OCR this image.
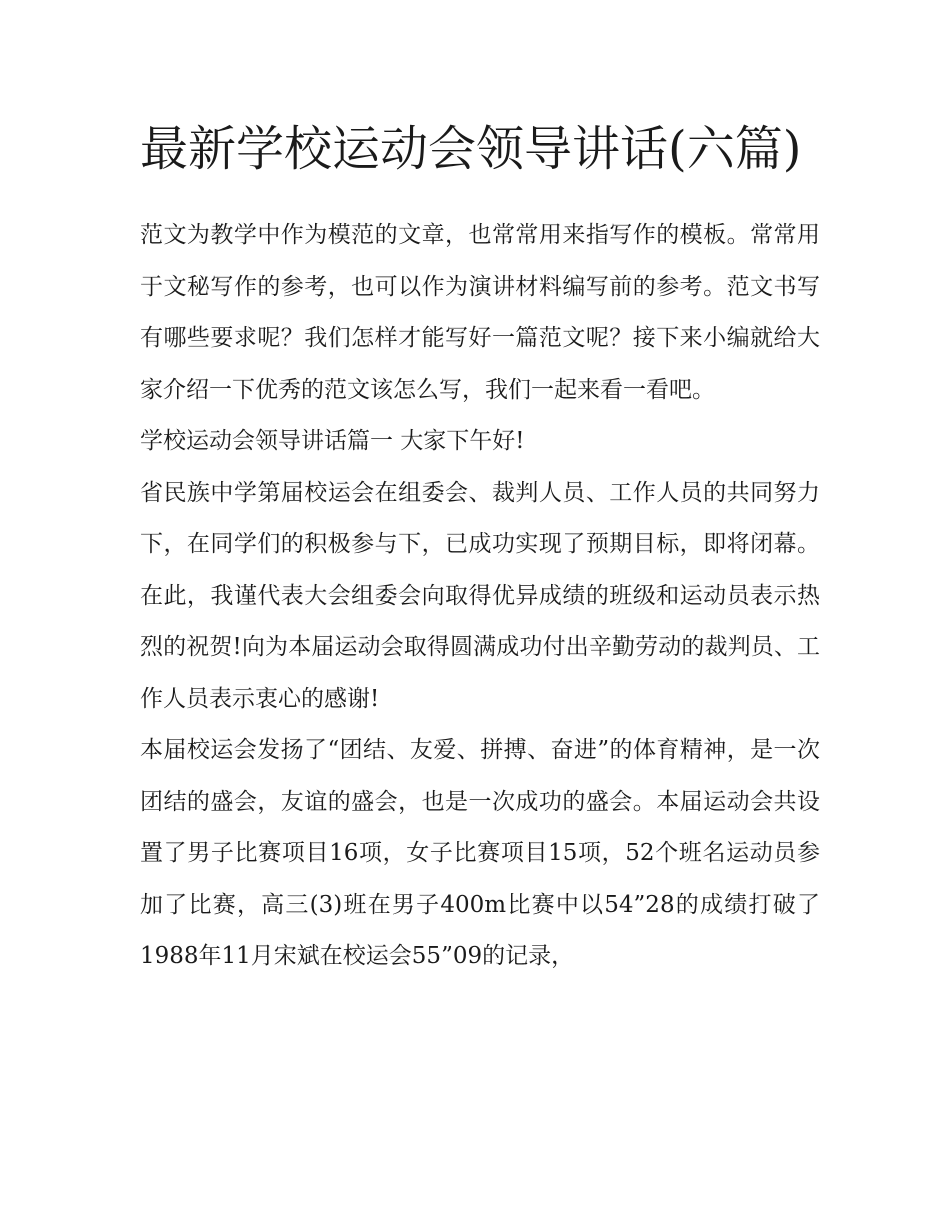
最新学校运动会领导讲话(六篇)

范文为教学中作为模范的文章，也常常用来指写作的模板。常常用于文秘写作的参考，也可以作为演讲材料编写前的参考。范文书写有哪些要求呢？我们怎样才能写好一篇范文呢？接下来小编就给大家介绍一下优秀的范文该怎么写，我们一起来看一看吧。

学校运动会领导讲话篇一 大家下午好!

省民族中学第届校运会在组委会、裁判人员、工作人员的共同努力下，在同学们的积极参与下，已成功实现了预期目标，即将闭幕。在此，我谨代表大会组委会向取得优异成绩的班级和运动员表示热烈的祝贺!向为本届运动会取得圆满成功付出辛勤劳动的裁判员、工作人员表示衷心的感谢!

本届校运会发扬了“团结、友爱、拼搏、奋进”的体育精神，是一次团结的盛会，友谊的盛会，也是一次成功的盛会。本届运动会共设置了男子比赛项目16项，女子比赛项目15项，52个班名运动员参加了比赛，高三(3)班在男子400m比赛中以54”28的成绩打破了1988年11月宋斌在校运会55”09的记录，
